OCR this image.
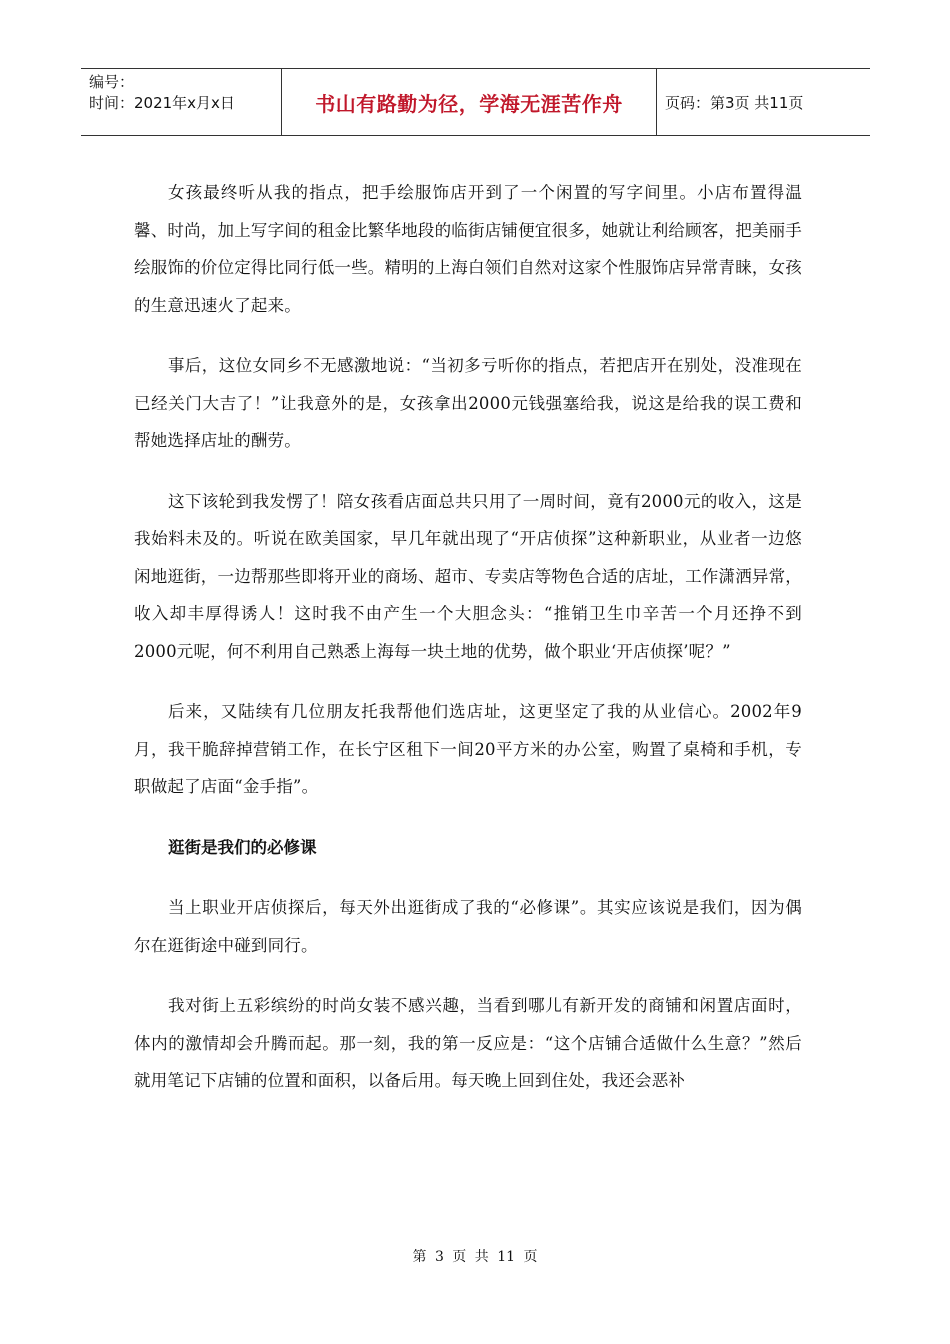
编号：
时间：2021年x月x日	书山有路勤为径，学海无涯苦作舟	页码：第3页 共11页

女孩最终听从我的指点，把手绘服饰店开到了一个闲置的写字间里。小店布置得温馨、时尚，加上写字间的租金比繁华地段的临街店铺便宜很多，她就让利给顾客，把美丽手绘服饰的价位定得比同行低一些。精明的上海白领们自然对这家个性服饰店异常青睐，女孩的生意迅速火了起来。

事后，这位女同乡不无感激地说：“当初多亏听你的指点，若把店开在别处，没准现在已经关门大吉了！”让我意外的是，女孩拿出2000元钱强塞给我，说这是给我的误工费和帮她选择店址的酬劳。

这下该轮到我发愣了！陪女孩看店面总共只用了一周时间，竟有2000元的收入，这是我始料未及的。听说在欧美国家，早几年就出现了“开店侦探”这种新职业，从业者一边悠闲地逛街，一边帮那些即将开业的商场、超市、专卖店等物色合适的店址，工作潇洒异常，收入却丰厚得诱人！这时我不由产生一个大胆念头：“推销卫生巾辛苦一个月还挣不到2000元呢，何不利用自己熟悉上海每一块土地的优势，做个职业‘开店侦探’呢？”

后来，又陆续有几位朋友托我帮他们选店址，这更坚定了我的从业信心。2002年9月，我干脆辞掉营销工作，在长宁区租下一间20平方米的办公室，购置了桌椅和手机，专职做起了店面“金手指”。

逛街是我们的必修课

当上职业开店侦探后，每天外出逛街成了我的“必修课”。其实应该说是我们，因为偶尔在逛街途中碰到同行。

我对街上五彩缤纷的时尚女装不感兴趣，当看到哪儿有新开发的商铺和闲置店面时，体内的激情却会升腾而起。那一刻，我的第一反应是：“这个店铺合适做什么生意？”然后就用笔记下店铺的位置和面积，以备后用。每天晚上回到住处，我还会恶补

第 3 页 共 11 页
